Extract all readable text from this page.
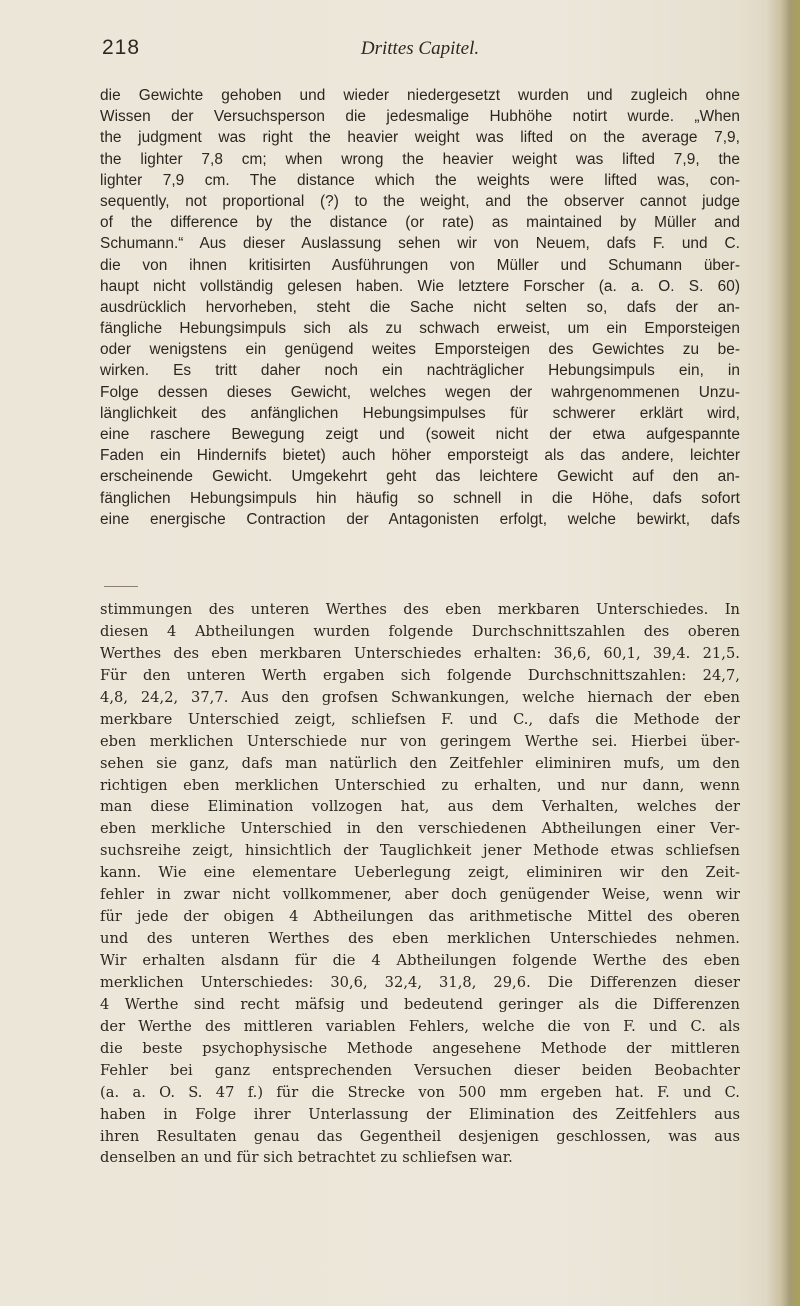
218	Drittes Capitel.
die Gewichte gehoben und wieder niedergesetzt wurden und zugleich ohne
Wissen der Versuchsperson die jedesmalige Hubhöhe notirt wurde. „When
the judgment was right the heavier weight was lifted on the average 7,9,
the lighter 7,8 cm; when wrong the heavier weight was lifted 7,9, the
lighter 7,9 cm. The distance which the weights were lifted was, con-
sequently, not proportional (?) to the weight, and the observer cannot judge
of the difference by the distance (or rate) as maintained by Müller and
Schumann.“ Aus dieser Auslassung sehen wir von Neuem, dafs F. und C.
die von ihnen kritisirten Ausführungen von Müller und Schumann über-
haupt nicht vollständig gelesen haben. Wie letztere Forscher (a. a. O. S. 60)
ausdrücklich hervorheben, steht die Sache nicht selten so, dafs der an-
fängliche Hebungsimpuls sich als zu schwach erweist, um ein Emporsteigen
oder wenigstens ein genügend weites Emporsteigen des Gewichtes zu be-
wirken. Es tritt daher noch ein nachträglicher Hebungsimpuls ein, in
Folge dessen dieses Gewicht, welches wegen der wahrgenommenen Unzu-
länglichkeit des anfänglichen Hebungsimpulses für schwerer erklärt wird,
eine raschere Bewegung zeigt und (soweit nicht der etwa aufgespannte
Faden ein Hindernifs bietet) auch höher emporsteigt als das andere, leichter
erscheinende Gewicht. Umgekehrt geht das leichtere Gewicht auf den an-
fänglichen Hebungsimpuls hin häufig so schnell in die Höhe, dafs sofort
eine energische Contraction der Antagonisten erfolgt, welche bewirkt, dafs
stimmungen des unteren Werthes des eben merkbaren Unterschiedes. In
diesen 4 Abtheilungen wurden folgende Durchschnittszahlen des oberen
Werthes des eben merkbaren Unterschiedes erhalten: 36,6, 60,1, 39,4. 21,5.
Für den unteren Werth ergaben sich folgende Durchschnittszahlen: 24,7,
4,8, 24,2, 37,7. Aus den grofsen Schwankungen, welche hiernach der eben
merkbare Unterschied zeigt, schliefsen F. und C., dafs die Methode der
eben merklichen Unterschiede nur von geringem Werthe sei. Hierbei über-
sehen sie ganz, dafs man natürlich den Zeitfehler eliminiren mufs, um den
richtigen eben merklichen Unterschied zu erhalten, und nur dann, wenn
man diese Elimination vollzogen hat, aus dem Verhalten, welches der
eben merkliche Unterschied in den verschiedenen Abtheilungen einer Ver-
suchsreihe zeigt, hinsichtlich der Tauglichkeit jener Methode etwas schliefsen
kann. Wie eine elementare Ueberlegung zeigt, eliminiren wir den Zeit-
fehler in zwar nicht vollkommener, aber doch genügender Weise, wenn wir
für jede der obigen 4 Abtheilungen das arithmetische Mittel des oberen
und des unteren Werthes des eben merklichen Unterschiedes nehmen.
Wir erhalten alsdann für die 4 Abtheilungen folgende Werthe des eben
merklichen Unterschiedes: 30,6, 32,4, 31,8, 29,6. Die Differenzen dieser
4 Werthe sind recht mäfsig und bedeutend geringer als die Differenzen
der Werthe des mittleren variablen Fehlers, welche die von F. und C. als
die beste psychophysische Methode angesehene Methode der mittleren
Fehler bei ganz entsprechenden Versuchen dieser beiden Beobachter
(a. a. O. S. 47 f.) für die Strecke von 500 mm ergeben hat. F. und C.
haben in Folge ihrer Unterlassung der Elimination des Zeitfehlers aus
ihren Resultaten genau das Gegentheil desjenigen geschlossen, was aus
denselben an und für sich betrachtet zu schliefsen war.
